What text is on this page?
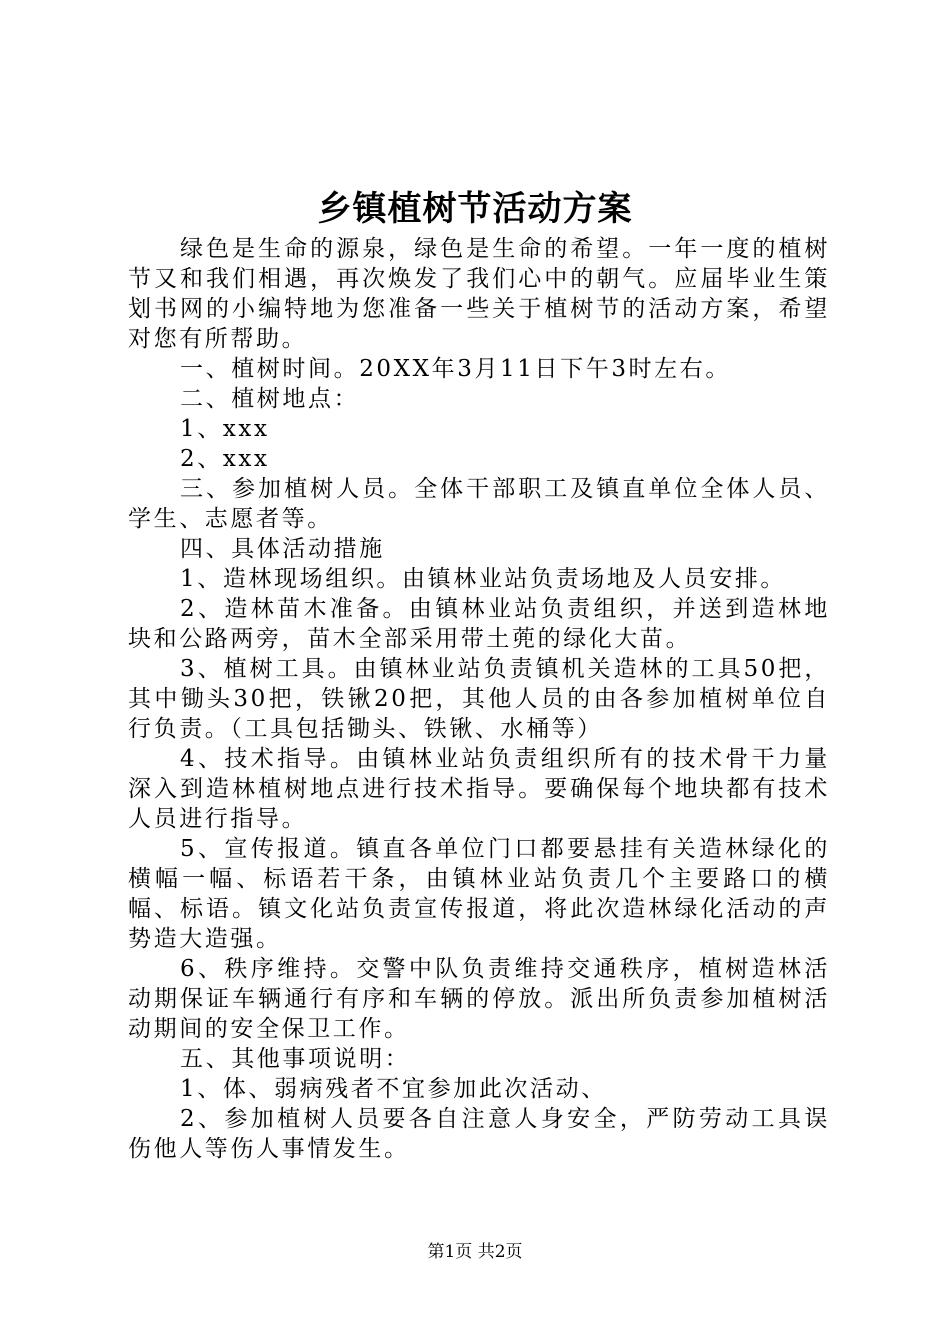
乡镇植树节活动方案

绿色是生命的源泉，绿色是生命的希望。一年一度的植树节又和我们相遇，再次焕发了我们心中的朝气。应届毕业生策划书网的小编特地为您准备一些关于植树节的活动方案，希望对您有所帮助。

一、植树时间。20XX年3月11日下午3时左右。

二、植树地点：

1、xxx

2、xxx

三、参加植树人员。全体干部职工及镇直单位全体人员、学生、志愿者等。

四、具体活动措施

1、造林现场组织。由镇林业站负责场地及人员安排。

2、造林苗木准备。由镇林业站负责组织，并送到造林地块和公路两旁，苗木全部采用带土蔸的绿化大苗。

3、植树工具。由镇林业站负责镇机关造林的工具50把，其中锄头30把，铁锹20把，其他人员的由各参加植树单位自行负责。（工具包括锄头、铁锹、水桶等）

4、技术指导。由镇林业站负责组织所有的技术骨干力量深入到造林植树地点进行技术指导。要确保每个地块都有技术人员进行指导。

5、宣传报道。镇直各单位门口都要悬挂有关造林绿化的横幅一幅、标语若干条，由镇林业站负责几个主要路口的横幅、标语。镇文化站负责宣传报道，将此次造林绿化活动的声势造大造强。

6、秩序维持。交警中队负责维持交通秩序，植树造林活动期保证车辆通行有序和车辆的停放。派出所负责参加植树活动期间的安全保卫工作。

五、其他事项说明：

1、体、弱病残者不宜参加此次活动、

2、参加植树人员要各自注意人身安全，严防劳动工具误伤他人等伤人事情发生。

第1页 共2页
